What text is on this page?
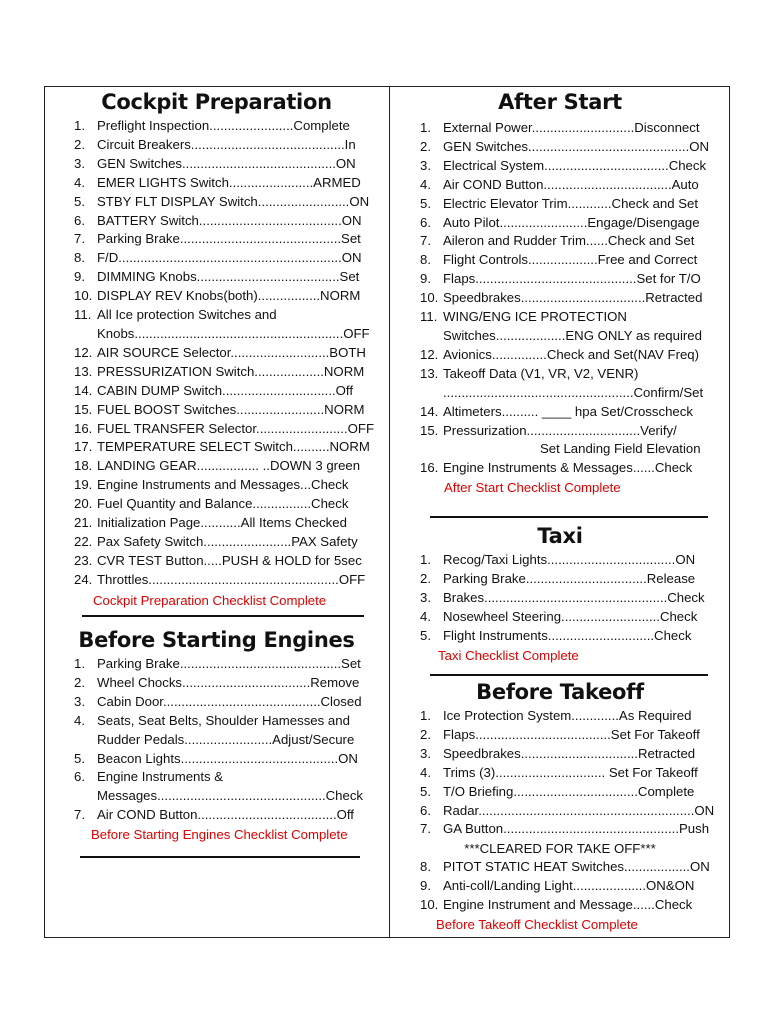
Cockpit Preparation
1. Preflight Inspection.......................Complete
2. Circuit Breakers..........................................In
3. GEN Switches..........................................ON
4. EMER LIGHTS Switch.......................ARMED
5. STBY FLT DISPLAY Switch.........................ON
6. BATTERY Switch.......................................ON
7. Parking Brake............................................Set
8. F/D.............................................................ON
9. DIMMING Knobs.......................................Set
10. DISPLAY REV Knobs(both).................NORM
11. All Ice protection Switches and
Knobs.........................................................OFF
12. AIR SOURCE Selector...........................BOTH
13. PRESSURIZATION Switch...................NORM
14. CABIN DUMP Switch...............................Off
15. FUEL BOOST Switches........................NORM
16. FUEL TRANSFER Selector.........................OFF
17. TEMPERATURE SELECT Switch..........NORM
18. LANDING GEAR................. ..DOWN 3 green
19. Engine Instruments and Messages...Check
20. Fuel Quantity and Balance................Check
21. Initialization Page...........All Items Checked
22. Pax Safety Switch........................PAX Safety
23. CVR TEST Button.....PUSH & HOLD for 5sec
24. Throttles....................................................OFF
Cockpit Preparation Checklist Complete
Before Starting Engines
1. Parking Brake............................................Set
2. Wheel Chocks...................................Remove
3. Cabin Door...........................................Closed
4. Seats, Seat Belts, Shoulder Hamesses and
Rudder Pedals........................Adjust/Secure
5. Beacon Lights...........................................ON
6. Engine Instruments &
Messages..............................................Check
7. Air COND Button......................................Off
Before Starting Engines Checklist Complete
After Start
1. External Power............................Disconnect
2. GEN Switches............................................ON
3. Electrical System..................................Check
4. Air COND Button...................................Auto
5. Electric Elevator Trim............Check and Set
6. Auto Pilot........................Engage/Disengage
7. Aileron and Rudder Trim......Check and Set
8. Flight Controls...................Free and Correct
9. Flaps............................................Set for T/O
10. Speedbrakes..................................Retracted
11. WING/ENG ICE PROTECTION
Switches...................ENG ONLY as required
12. Avionics...............Check and Set(NAV Freq)
13. Takeoff Data (V1, VR, V2, VENR)
....................................................Confirm/Set
14. Altimeters.......... ____ hpa Set/Crosscheck
15. Pressurization...............................Verify/
Set Landing Field Elevation
16. Engine Instruments & Messages......Check
After Start Checklist Complete
Taxi
1. Recog/Taxi Lights...................................ON
2. Parking Brake.................................Release
3. Brakes..................................................Check
4. Nosewheel Steering...........................Check
5. Flight Instruments.............................Check
Taxi Checklist Complete
Before Takeoff
1. Ice Protection System.............As Required
2. Flaps.....................................Set For Takeoff
3. Speedbrakes................................Retracted
4. Trims (3).............................. Set For Takeoff
5. T/O Briefing..................................Complete
6. Radar...........................................................ON
7. GA Button................................................Push
***CLEARED FOR TAKE OFF***
8. PITOT STATIC HEAT Switches..................ON
9. Anti-coll/Landing Light....................ON&ON
10. Engine Instrument and Message......Check
Before Takeoff Checklist Complete
